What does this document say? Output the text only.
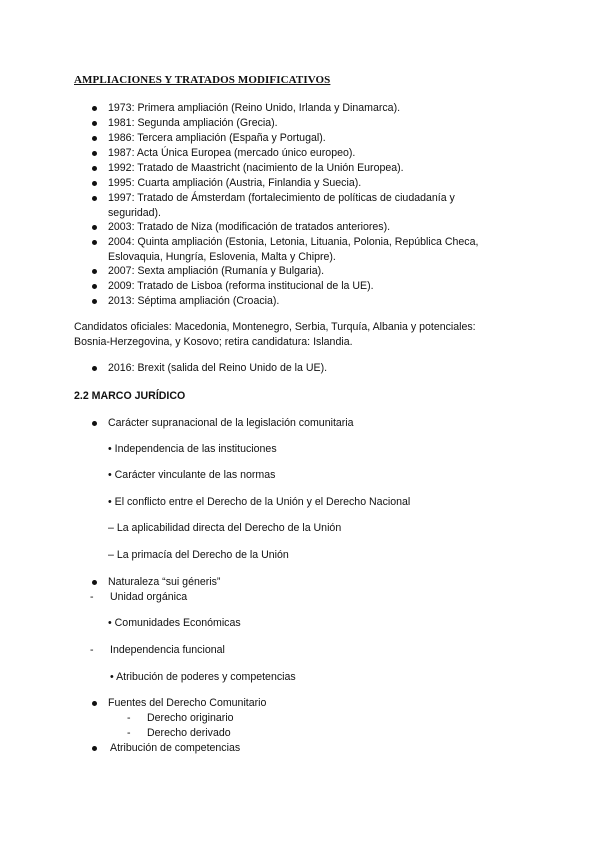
AMPLIACIONES Y TRATADOS MODIFICATIVOS
1973: Primera ampliación (Reino Unido, Irlanda y Dinamarca).
1981: Segunda ampliación (Grecia).
1986: Tercera ampliación (España y Portugal).
1987: Acta Única Europea (mercado único europeo).
1992: Tratado de Maastricht (nacimiento de la Unión Europea).
1995: Cuarta ampliación (Austria, Finlandia y Suecia).
1997: Tratado de Ámsterdam (fortalecimiento de políticas de ciudadanía y
seguridad).
2003: Tratado de Niza (modificación de tratados anteriores).
2004: Quinta ampliación (Estonia, Letonia, Lituania, Polonia, República Checa,
Eslovaquia, Hungría, Eslovenia, Malta y Chipre).
2007: Sexta ampliación (Rumanía y Bulgaria).
2009: Tratado de Lisboa (reforma institucional de la UE).
2013: Séptima ampliación (Croacia).
Candidatos oficiales: Macedonia, Montenegro, Serbia, Turquía, Albania y potenciales:
Bosnia-Herzegovina, y Kosovo; retira candidatura: Islandia.
2016: Brexit (salida del Reino Unido de la UE).
2.2 MARCO JURÍDICO
Carácter supranacional de la legislación comunitaria
• Independencia de las instituciones
• Carácter vinculante de las normas
• El conflicto entre el Derecho de la Unión y el Derecho Nacional
– La aplicabilidad directa del Derecho de la Unión
– La primacía del Derecho de la Unión
Naturaleza “sui géneris”
- Unidad orgánica
• Comunidades Económicas
- Independencia funcional
• Atribución de poderes y competencias
Fuentes del Derecho Comunitario
- Derecho originario
- Derecho derivado
Atribución de competencias
